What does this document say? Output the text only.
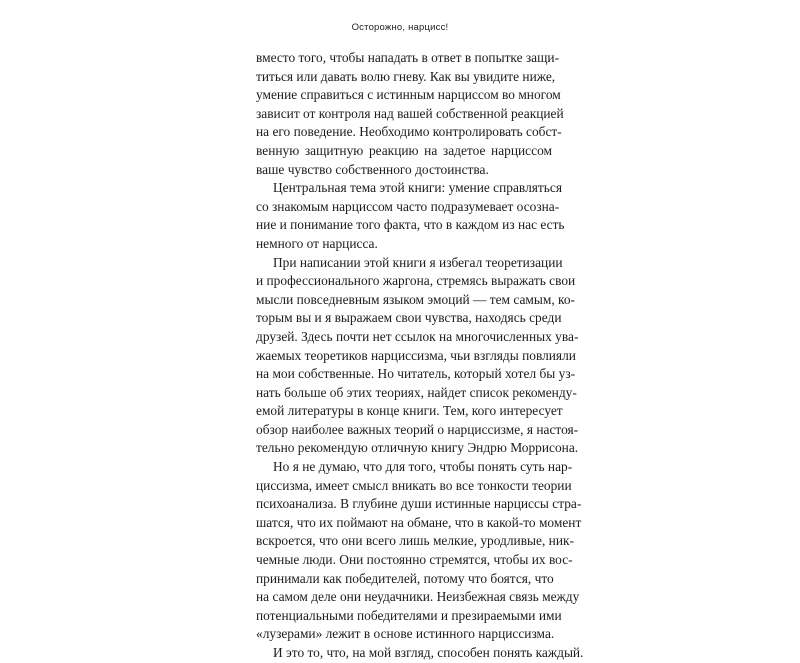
Осторожно, нарцисс!

вместо того, чтобы нападать в ответ в попытке защи-
титься или давать волю гневу. Как вы увидите ниже,
умение справиться с истинным нарциссом во многом
зависит от контроля над вашей собственной реакцией
на его поведение. Необходимо контролировать собст-
венную защитную реакцию на задетое нарциссом
ваше чувство собственного достоинства.

Центральная тема этой книги: умение справляться
со знакомым нарциссом часто подразумевает осозна-
ние и понимание того факта, что в каждом из нас есть
немного от нарцисса.

При написании этой книги я избегал теоретизации
и профессионального жаргона, стремясь выражать свои
мысли повседневным языком эмоций — тем самым, ко-
торым вы и я выражаем свои чувства, находясь среди
друзей. Здесь почти нет ссылок на многочисленных ува-
жаемых теоретиков нарциссизма, чьи взгляды повлияли
на мои собственные. Но читатель, который хотел бы уз-
нать больше об этих теориях, найдет список рекоменду-
емой литературы в конце книги. Тем, кого интересует
обзор наиболее важных теорий о нарциссизме, я настоя-
тельно рекомендую отличную книгу Эндрю Моррисона.

Но я не думаю, что для того, чтобы понять суть нар-
циссизма, имеет смысл вникать во все тонкости теории
психоанализа. В глубине души истинные нарциссы стра-
шатся, что их поймают на обмане, что в какой-то момент
вскроется, что они всего лишь мелкие, уродливые, ник-
чемные люди. Они постоянно стремятся, чтобы их вос-
принимали как победителей, потому что боятся, что
на самом деле они неудачники. Неизбежная связь между
потенциальными победителями и презираемыми ими
«лузерами» лежит в основе истинного нарциссизма.

И это то, что, на мой взгляд, способен понять каждый.
